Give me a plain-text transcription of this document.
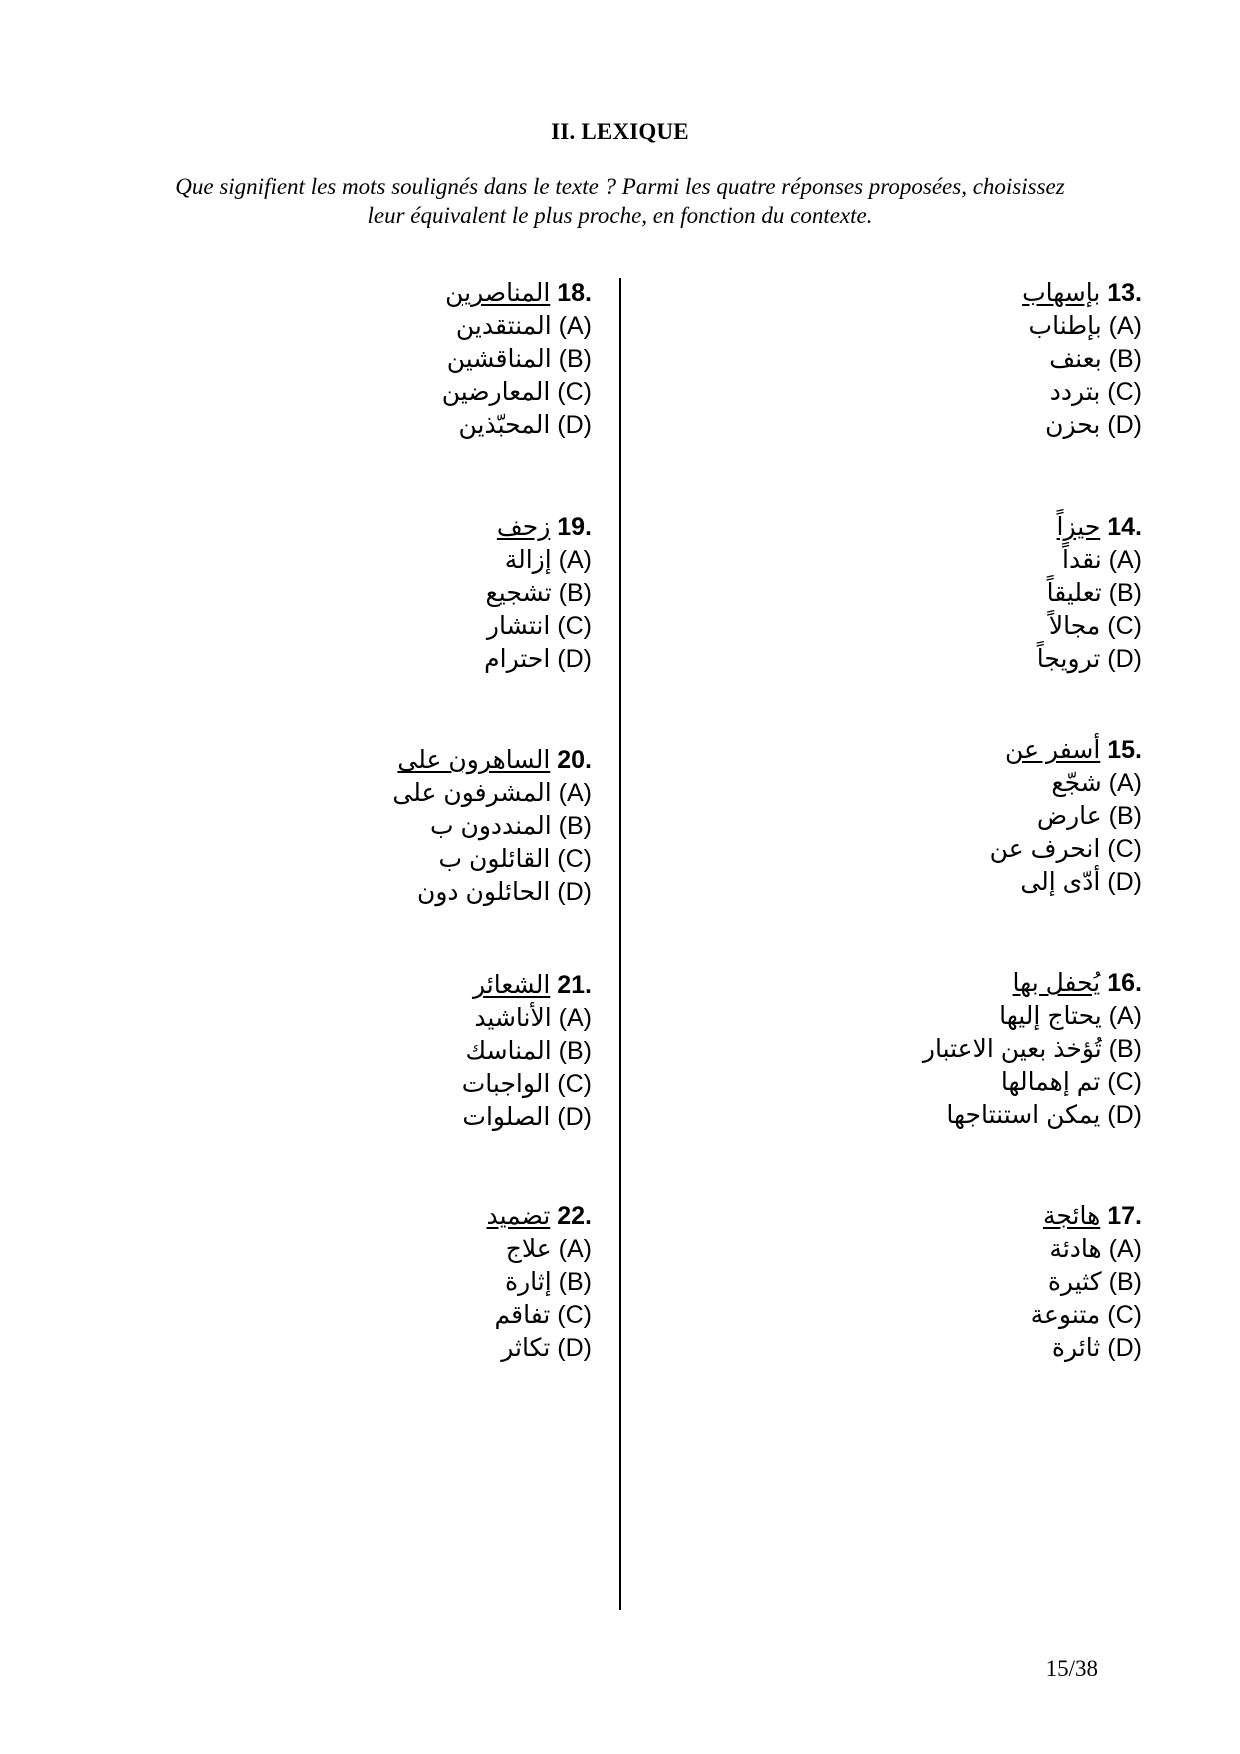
II. LEXIQUE
Que signifient les mots soulignés dans le texte ? Parmi les quatre réponses proposées, choisissez
leur équivalent le plus proche, en fonction du contexte.
13. بإسهاب
(A) بإطناب
(B) بعنف
(C) بتردد
(D) بحزن
14. حيزاً
(A) نقداً
(B) تعليقاً
(C) مجالاً
(D) ترويجاً
15. أسفر عن
(A) شجّع
(B) عارض
(C) انحرف عن
(D) أدّى إلى
16. يُحفل بها
(A) يحتاج إليها
(B) تُؤخذ بعين الاعتبار
(C) تم إهمالها
(D) يمكن استنتاجها
17. هائجة
(A) هادئة
(B) كثيرة
(C) متنوعة
(D) ثائرة
18. المناصرين
(A) المنتقدين
(B) المناقشين
(C) المعارضين
(D) المحبّذين
19. زحف
(A) إزالة
(B) تشجيع
(C) انتشار
(D) احترام
20. الساهرون على
(A) المشرفون على
(B) المنددون ب
(C) القائلون ب
(D) الحائلون دون
21. الشعائر
(A) الأناشيد
(B) المناسك
(C) الواجبات
(D) الصلوات
22. تضميد
(A) علاج
(B) إثارة
(C) تفاقم
(D) تكاثر
15/38
